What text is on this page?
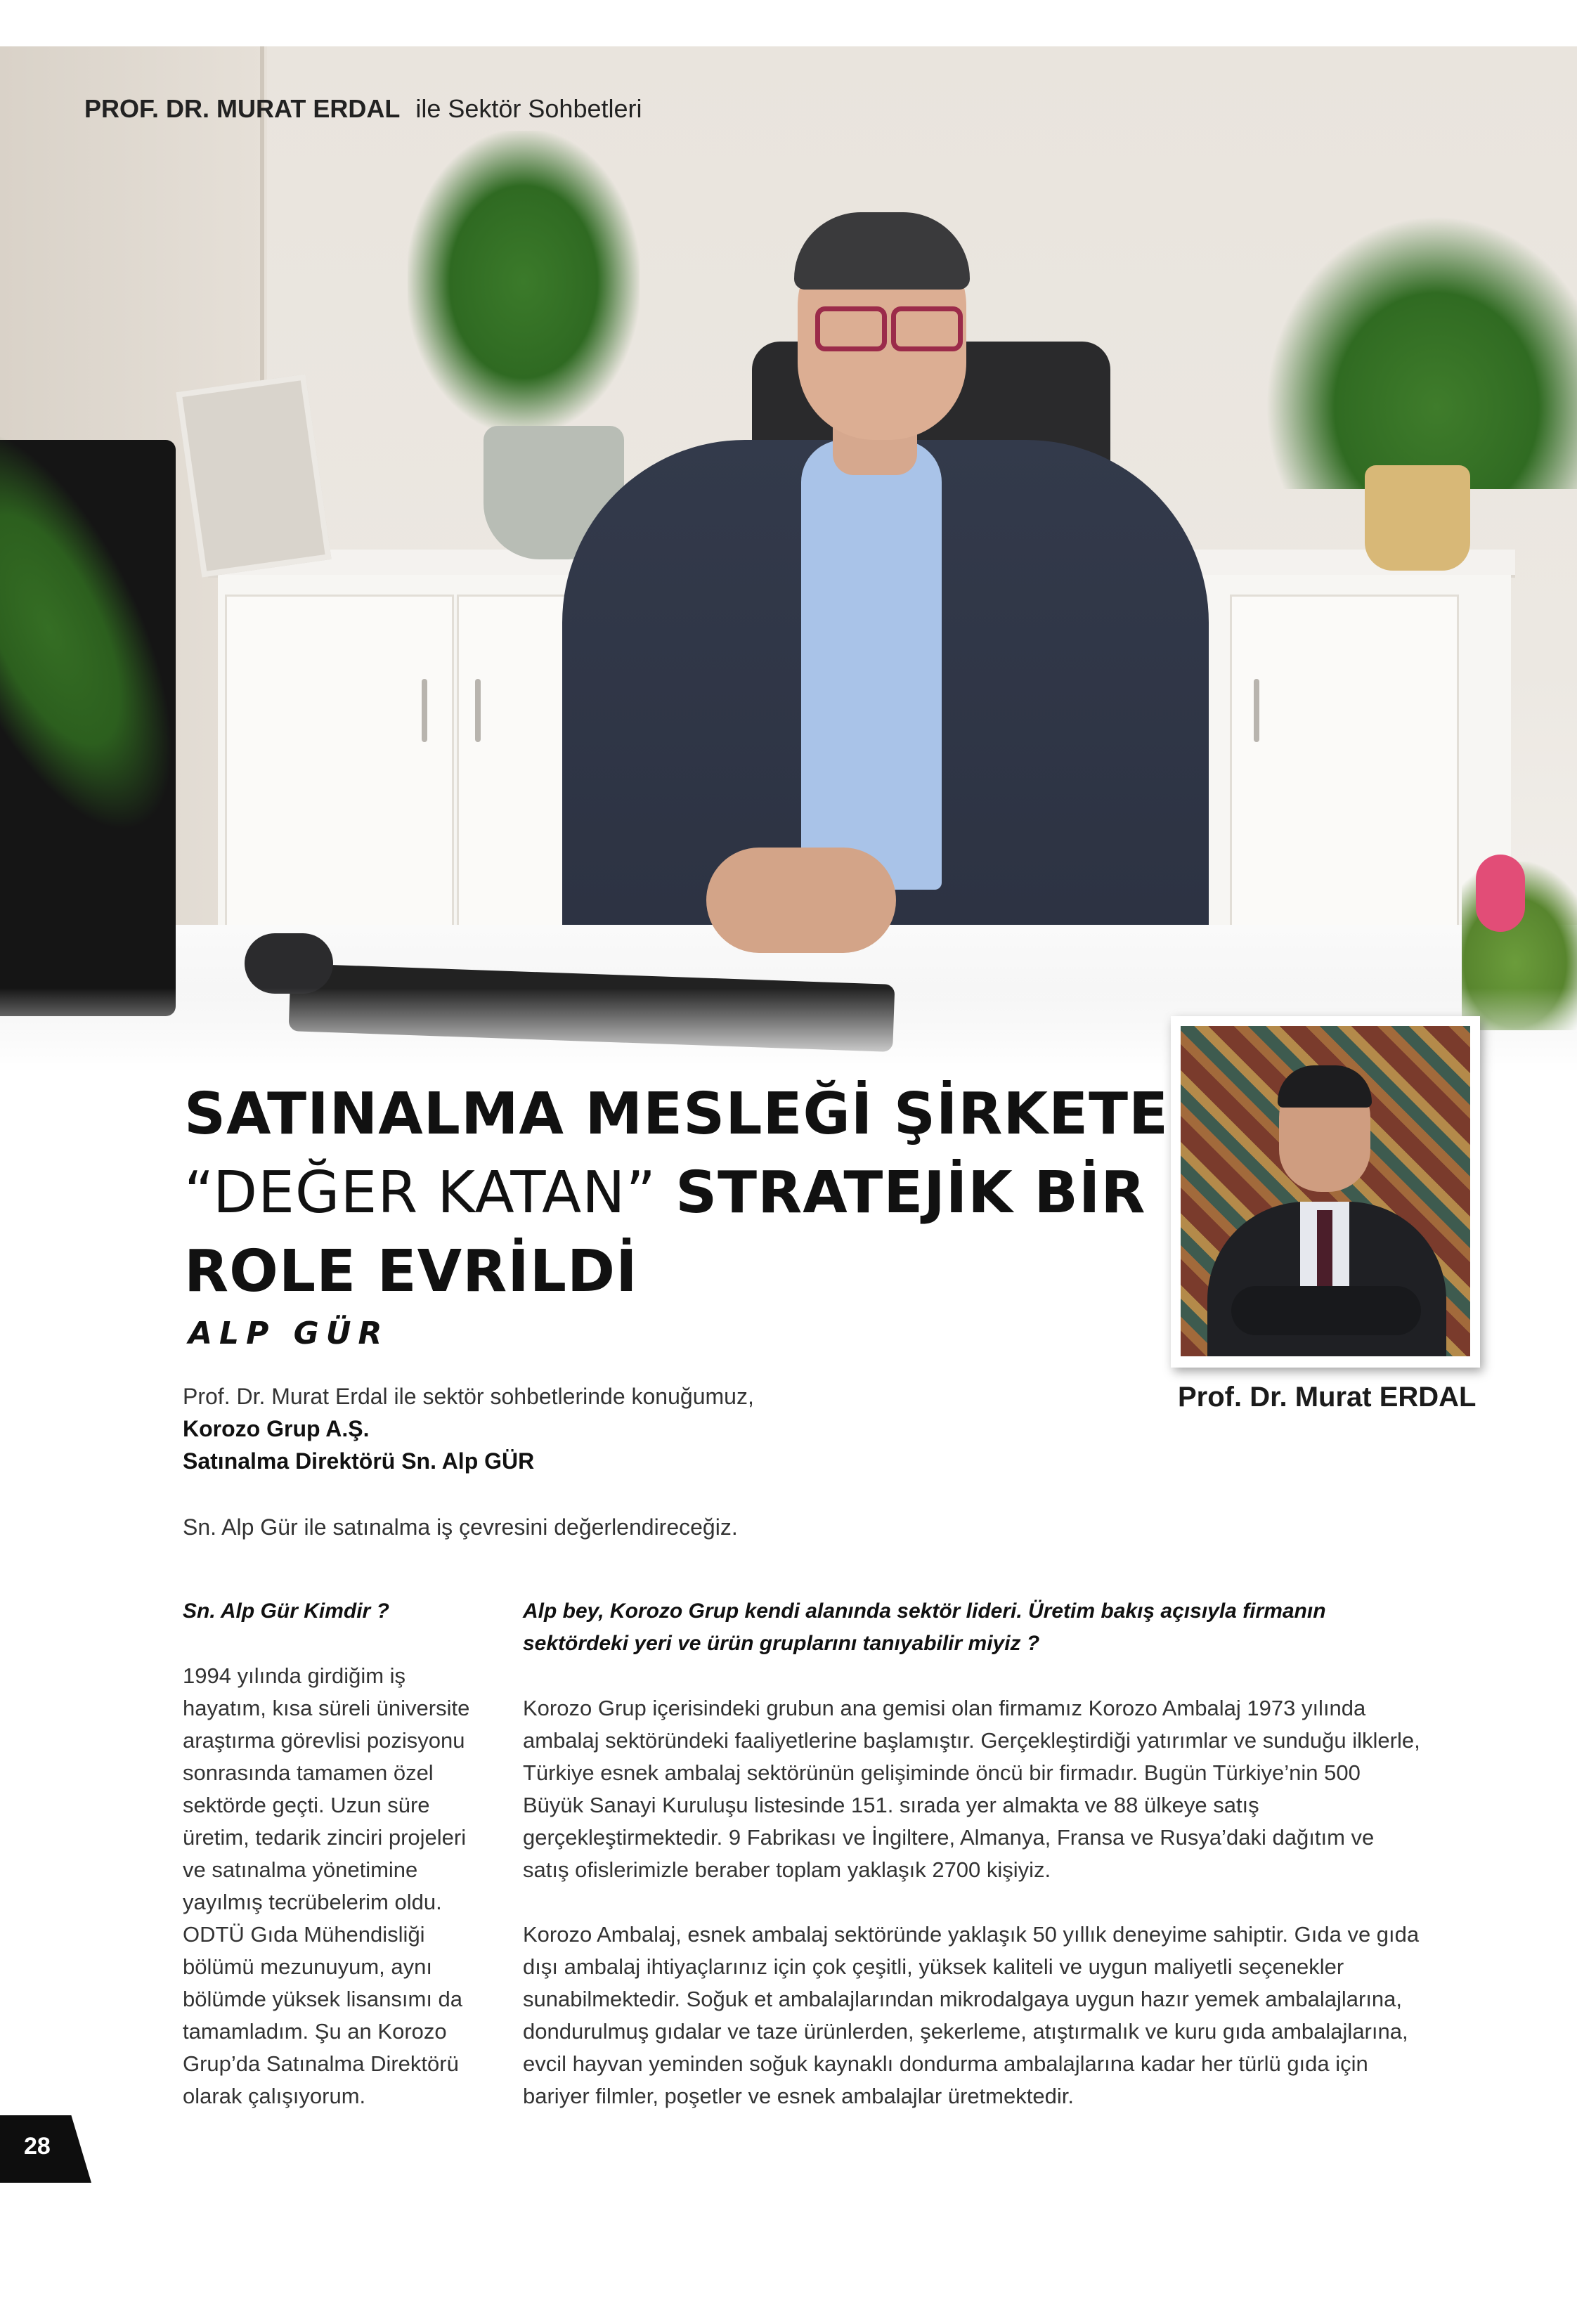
PROF. DR. MURAT ERDAL ile Sektör Sohbetleri
Prof. Dr. Murat ERDAL
SATINALMA MESLEĞİ ŞİRKETE
“DEĞER KATAN” STRATEJİK BİR
ROLE EVRİLDİ
ALP GÜR
Prof. Dr. Murat Erdal ile sektör sohbetlerinde konuğumuz,
Korozo Grup A.Ş.
Satınalma Direktörü Sn. Alp GÜR
Sn. Alp Gür ile satınalma iş çevresini değerlendireceğiz.
Sn. Alp Gür Kimdir ?

1994 yılında girdiğim iş hayatım, kısa süreli üniversite araştırma görevlisi pozisyonu sonrasında tamamen özel sektörde geçti. Uzun süre üretim, tedarik zinciri projeleri ve satınalma yönetimine yayılmış tecrübelerim oldu. ODTÜ Gıda Mühendisliği bölümü mezunuyum, aynı bölümde yüksek lisansımı da tamamladım. Şu an Korozo Grup’da Satınalma Direktörü olarak çalışıyorum.

Alp bey, Korozo Grup kendi alanında sektör lideri. Üretim bakış açısıyla firmanın sektördeki yeri ve ürün gruplarını tanıyabilir miyiz ?

Korozo Grup içerisindeki grubun ana gemisi olan firmamız Korozo Ambalaj 1973 yılında ambalaj sektöründeki faaliyetlerine başlamıştır. Gerçekleştirdiği yatırımlar ve sunduğu ilklerle, Türkiye esnek ambalaj sektörünün gelişiminde öncü bir firmadır. Bugün Türkiye’nin 500 Büyük Sanayi Kuruluşu listesinde 151. sırada yer almakta ve 88 ülkeye satış gerçekleştirmektedir. 9 Fabrikası ve İngiltere, Almanya, Fransa ve Rusya’daki dağıtım ve satış ofislerimizle beraber toplam yaklaşık 2700 kişiyiz.

Korozo Ambalaj, esnek ambalaj sektöründe yaklaşık 50 yıllık deneyime sahiptir. Gıda ve gıda dışı ambalaj ihtiyaçlarınız için çok çeşitli, yüksek kaliteli ve uygun maliyetli seçenekler sunabilmektedir. Soğuk et ambalajlarından mikrodalgaya uygun hazır yemek ambalajlarına, dondurulmuş gıdalar ve taze ürünlerden, şekerleme, atıştırmalık ve kuru gıda ambalajlarına, evcil hayvan yeminden soğuk kaynaklı dondurma ambalajlarına kadar her türlü gıda için bariyer filmler, poşetler ve esnek ambalajlar üretmektedir.

28
